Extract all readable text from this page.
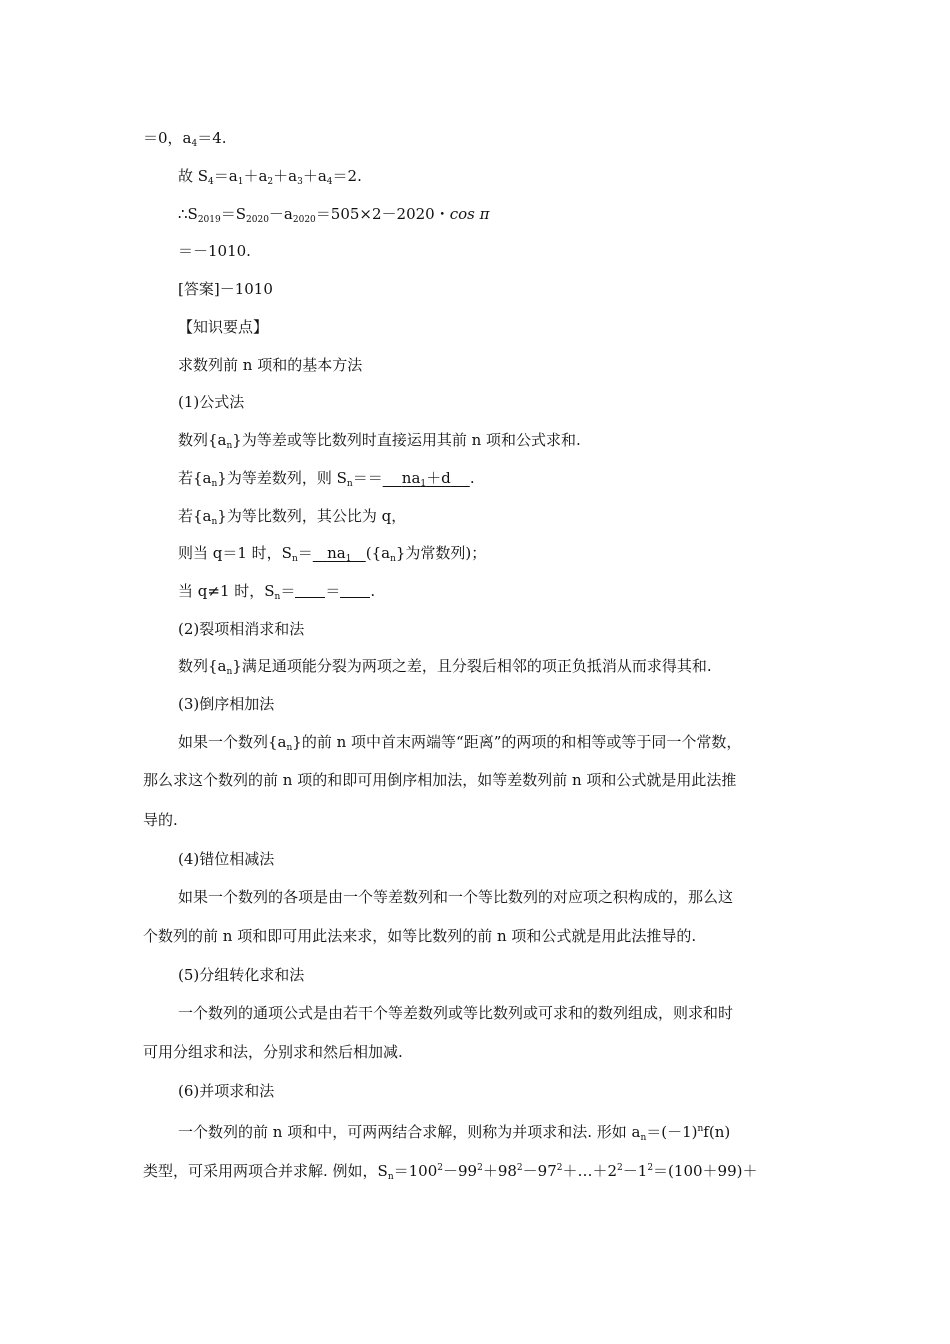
＝0，$a_4=4$.
故 $S_4=a_1+a_2+a_3+a_4=2$.
$\therefore S_{2019}=S_{2020}-a_{2020}=505\times 2-2020$・cos π
＝－1010.
[答案]－1010
【知识要点】
求数列前 n 项和的基本方法
(1)公式法
数列$\{a_n\}$为等差或等比数列时直接运用其前 n 项和公式求和.
若$\{a_n\}$为等差数列，则 $S_n== na_1+d$ .
若$\{a_n\}$为等比数列，其公比为 q，
则当 q＝1 时，$S_n= na_1$ ($\{a_n\}$为常数列)；
当 q≠1 时，$S_n=$ ＝ .
(2)裂项相消求和法
数列$\{a_n\}$满足通项能分裂为两项之差，且分裂后相邻的项正负抵消从而求得其和.
(3)倒序相加法
如果一个数列$\{a_n\}$的前 n 项中首末两端等“距离”的两项的和相等或等于同一个常数，
那么求这个数列的前 n 项的和即可用倒序相加法，如等差数列前 n 项和公式就是用此法推
导的.
(4)错位相减法
如果一个数列的各项是由一个等差数列和一个等比数列的对应项之积构成的，那么这
个数列的前 n 项和即可用此法来求，如等比数列的前 n 项和公式就是用此法推导的.
(5)分组转化求和法
一个数列的通项公式是由若干个等差数列或等比数列或可求和的数列组成，则求和时
可用分组求和法，分别求和然后相加减.
(6)并项求和法
一个数列的前 n 项和中，可两两结合求解，则称为并项求和法. 形如 $a_n=(-1)^nf(n)$
类型，可采用两项合并求解. 例如，$S_n=100^2-99^2+98^2-97^2+\dots+2^2-1^2=(100+99)+$
